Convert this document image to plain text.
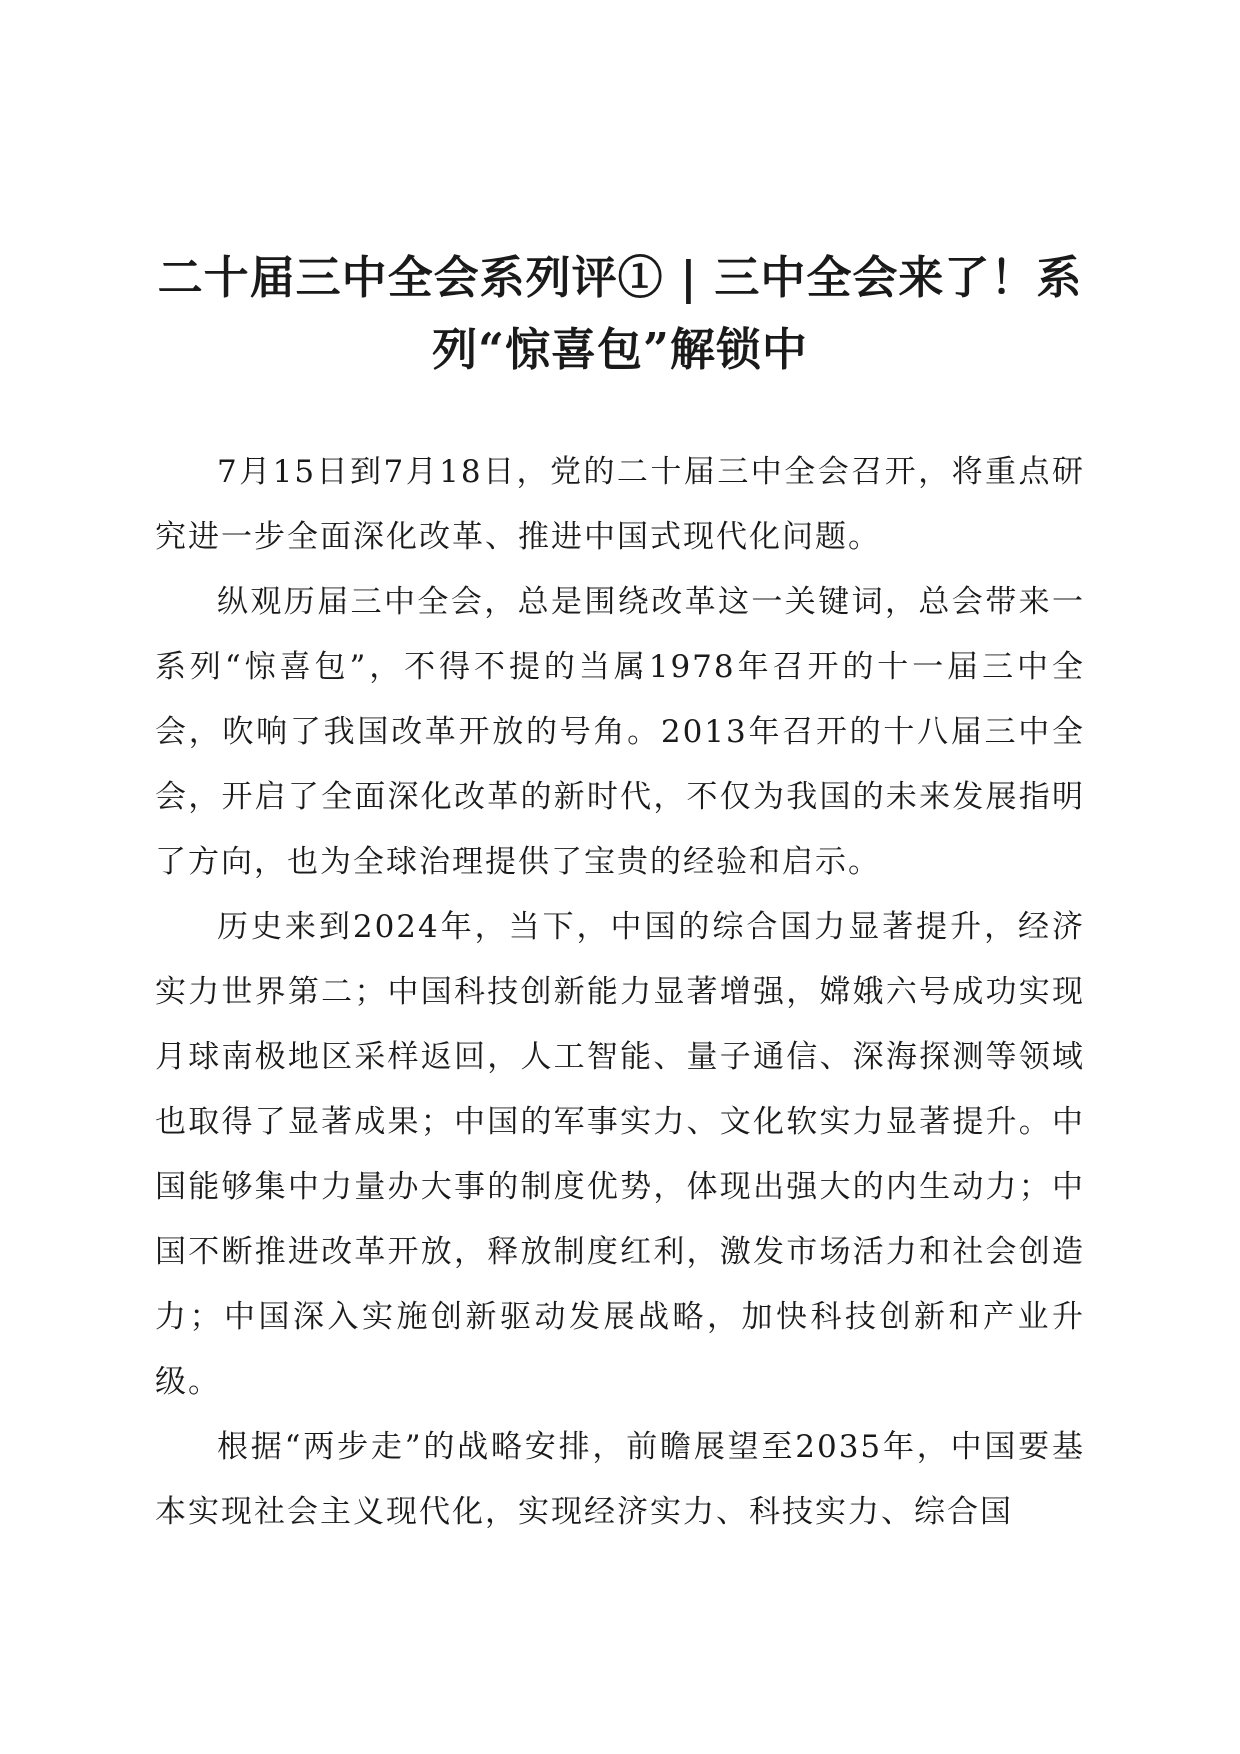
二十届三中全会系列评① | 三中全会来了！系
列“惊喜包”解锁中

7月15日到7月18日，党的二十届三中全会召开，将重点研究进一步全面深化改革、推进中国式现代化问题。

纵观历届三中全会，总是围绕改革这一关键词，总会带来一系列“惊喜包”，不得不提的当属1978年召开的十一届三中全会，吹响了我国改革开放的号角。2013年召开的十八届三中全会，开启了全面深化改革的新时代，不仅为我国的未来发展指明了方向，也为全球治理提供了宝贵的经验和启示。

历史来到2024年，当下，中国的综合国力显著提升，经济实力世界第二；中国科技创新能力显著增强，嫦娥六号成功实现月球南极地区采样返回，人工智能、量子通信、深海探测等领域也取得了显著成果；中国的军事实力、文化软实力显著提升。中国能够集中力量办大事的制度优势，体现出强大的内生动力；中国不断推进改革开放，释放制度红利，激发市场活力和社会创造力；中国深入实施创新驱动发展战略，加快科技创新和产业升级。

根据“两步走”的战略安排，前瞻展望至2035年，中国要基本实现社会主义现代化，实现经济实力、科技实力、综合国
